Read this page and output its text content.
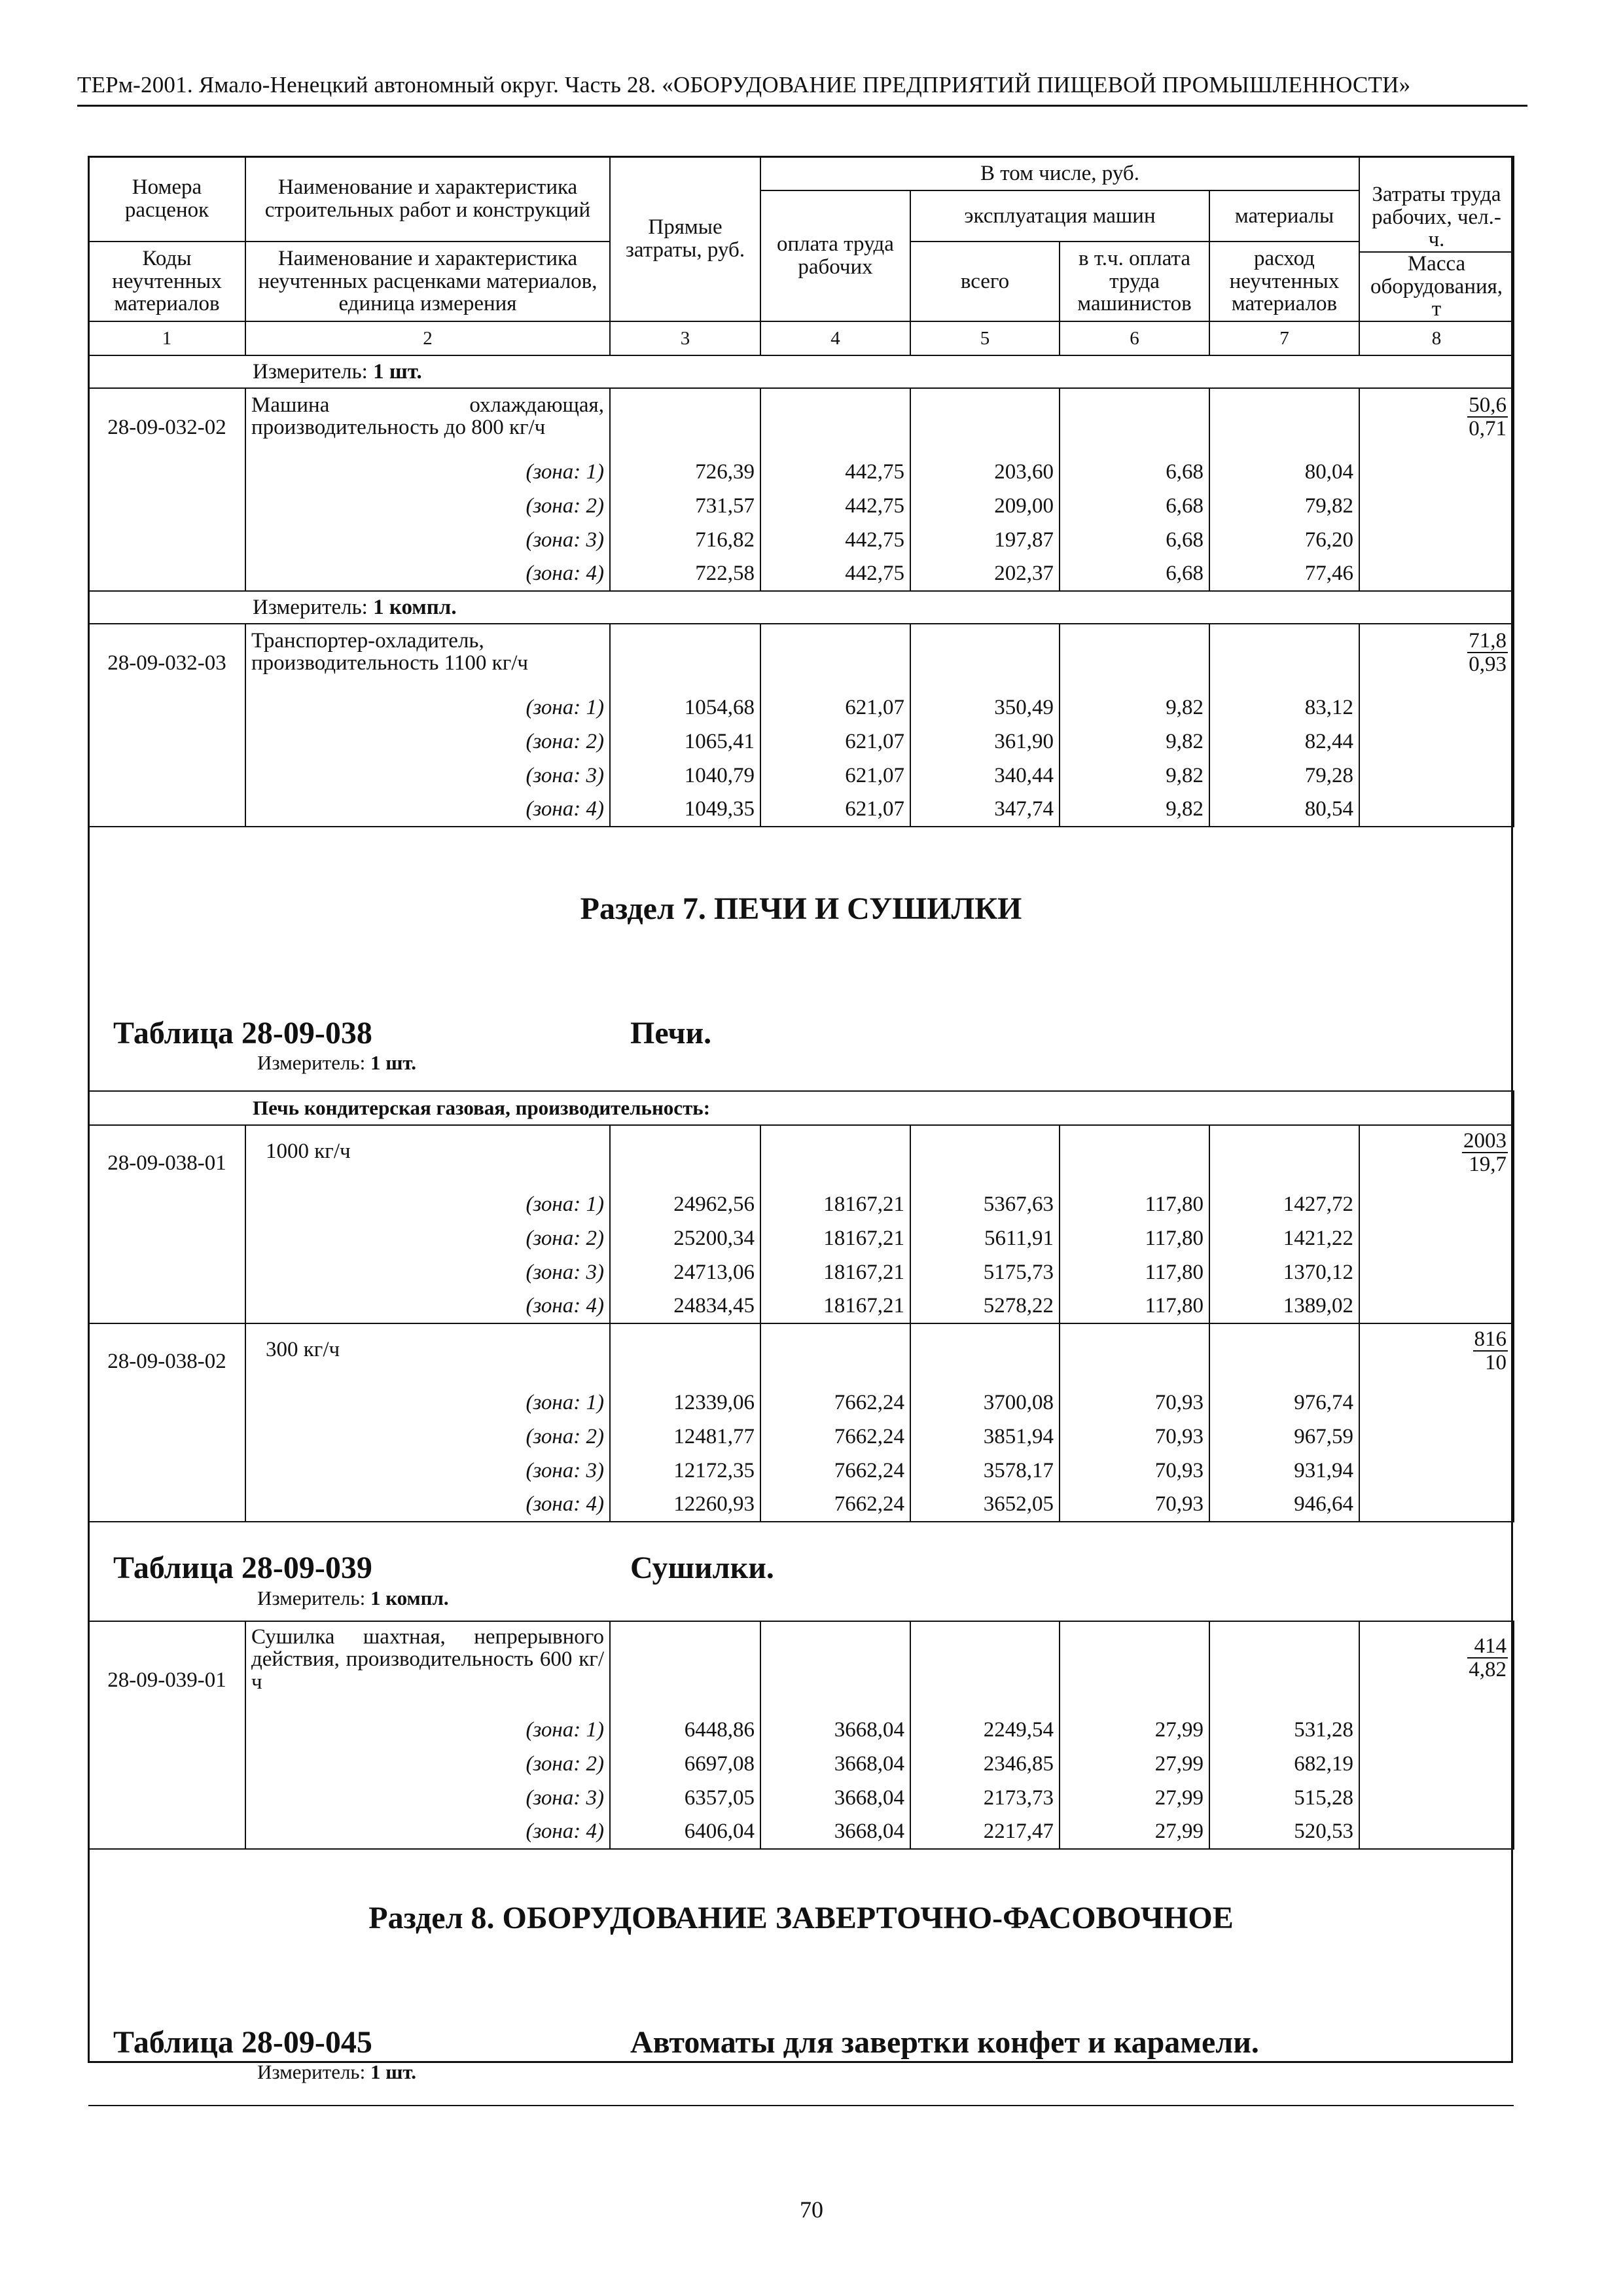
ТЕРм-2001. Ямало-Ненецкий автономный округ. Часть 28. «ОБОРУДОВАНИЕ ПРЕДПРИЯТИЙ ПИЩЕВОЙ ПРОМЫШЛЕННОСТИ»
Номера расценок	Наименование и характеристика строительных работ и конструкций	Прямые затраты, руб.	В том числе, руб.				Затраты труда рабочих, чел.-ч.
			оплата труда рабочих	эксплуатация машин		материалы	
Коды неучтенных материалов	Наименование и характеристика неучтенных расценками материалов, единица измерения			всего	в т.ч. оплата труда машинистов	расход неучтенных материалов	
							Масса оборудования, т
1	2	3	4	5	6	7	8
Измеритель: 1 шт.							
28-09-032-02	Машина охлаждающая, производительность до 800 кг/ч						$\frac{50,6}{0,71}$

	(зона: 1)	726,39	442,75	203,60	6,68	80,04	
	(зона: 2)	731,57	442,75	209,00	6,68	79,82	
	(зона: 3)	716,82	442,75	197,87	6,68	76,20	
	(зона: 4)	722,58	442,75	202,37	6,68	77,46	
Измеритель: 1 компл.							
28-09-032-03	Транспортер-охладитель, производительность 1100 кг/ч						$\frac{71,8}{0,93}$

	(зона: 1)	1054,68	621,07	350,49	9,82	83,12	
	(зона: 2)	1065,41	621,07	361,90	9,82	82,44	
	(зона: 3)	1040,79	621,07	340,44	9,82	79,28	
	(зона: 4)	1049,35	621,07	347,74	9,82	80,54	

Раздел 7. ПЕЧИ И СУШИЛКИ
Таблица 28-09-038 Печи.
Измеритель: 1 шт.							

Печь кондитерская газовая, производительность:							
28-09-038-01	1000 кг/ч						$\frac{2003}{19,7}$

	(зона: 1)	24962,56	18167,21	5367,63	117,80	1427,72	
	(зона: 2)	25200,34	18167,21	5611,91	117,80	1421,22	
	(зона: 3)	24713,06	18167,21	5175,73	117,80	1370,12	
	(зона: 4)	24834,45	18167,21	5278,22	117,80	1389,02	
28-09-038-02	300 кг/ч						$\frac{816}{10}$

	(зона: 1)	12339,06	7662,24	3700,08	70,93	976,74	
	(зона: 2)	12481,77	7662,24	3851,94	70,93	967,59	
	(зона: 3)	12172,35	7662,24	3578,17	70,93	931,94	
	(зона: 4)	12260,93	7662,24	3652,05	70,93	946,64	

Таблица 28-09-039 Сушилки.
Измеритель: 1 компл.							

28-09-039-01	Сушилка шахтная, непрерывного действия, производительность 600 кг/ч						$\frac{414}{4,82}$

	(зона: 1)	6448,86	3668,04	2249,54	27,99	531,28	
	(зона: 2)	6697,08	3668,04	2346,85	27,99	682,19	
	(зона: 3)	6357,05	3668,04	2173,73	27,99	515,28	
	(зона: 4)	6406,04	3668,04	2217,47	27,99	520,53	

Раздел 8. ОБОРУДОВАНИЕ ЗАВЕРТОЧНО-ФАСОВОЧНОЕ
Таблица 28-09-045 Автоматы для завертки конфет и карамели.
Измеритель: 1 шт.							
70
